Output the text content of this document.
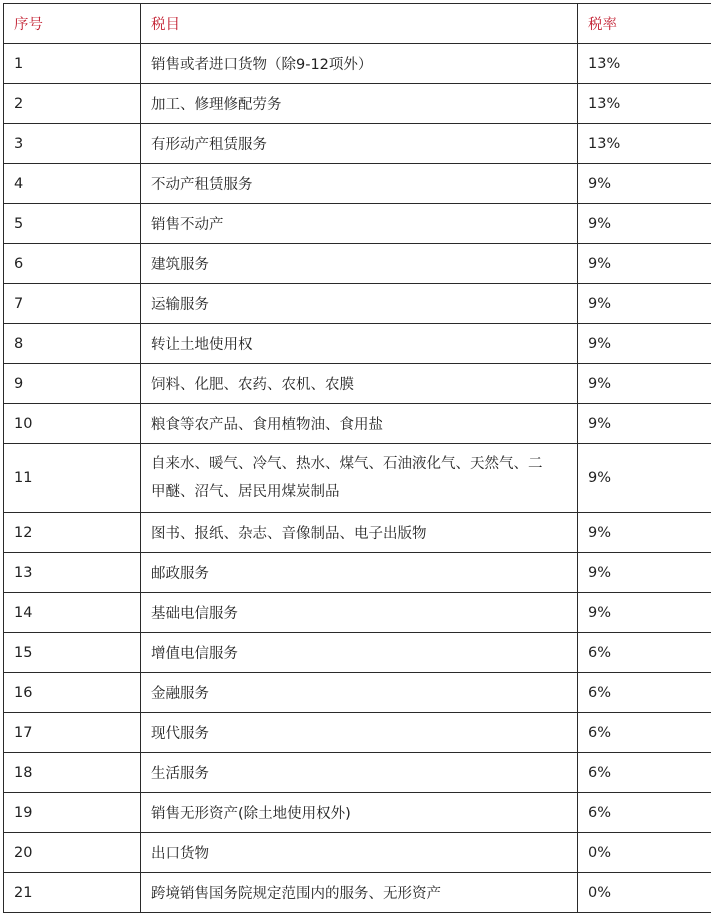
序号	税目	税率
1	销售或者进口货物（除9-12项外）	13%
2	加工、修理修配劳务	13%
3	有形动产租赁服务	13%
4	不动产租赁服务	9%
5	销售不动产	9%
6	建筑服务	9%
7	运输服务	9%
8	转让土地使用权	9%
9	饲料、化肥、农药、农机、农膜	9%
10	粮食等农产品、食用植物油、食用盐	9%
11	自来水、暖气、冷气、热水、煤气、石油液化气、天然气、二甲醚、沼气、居民用煤炭制品	9%
12	图书、报纸、杂志、音像制品、电子出版物	9%
13	邮政服务	9%
14	基础电信服务	9%
15	增值电信服务	6%
16	金融服务	6%
17	现代服务	6%
18	生活服务	6%
19	销售无形资产(除土地使用权外)	6%
20	出口货物	0%
21	跨境销售国务院规定范围内的服务、无形资产	0%
